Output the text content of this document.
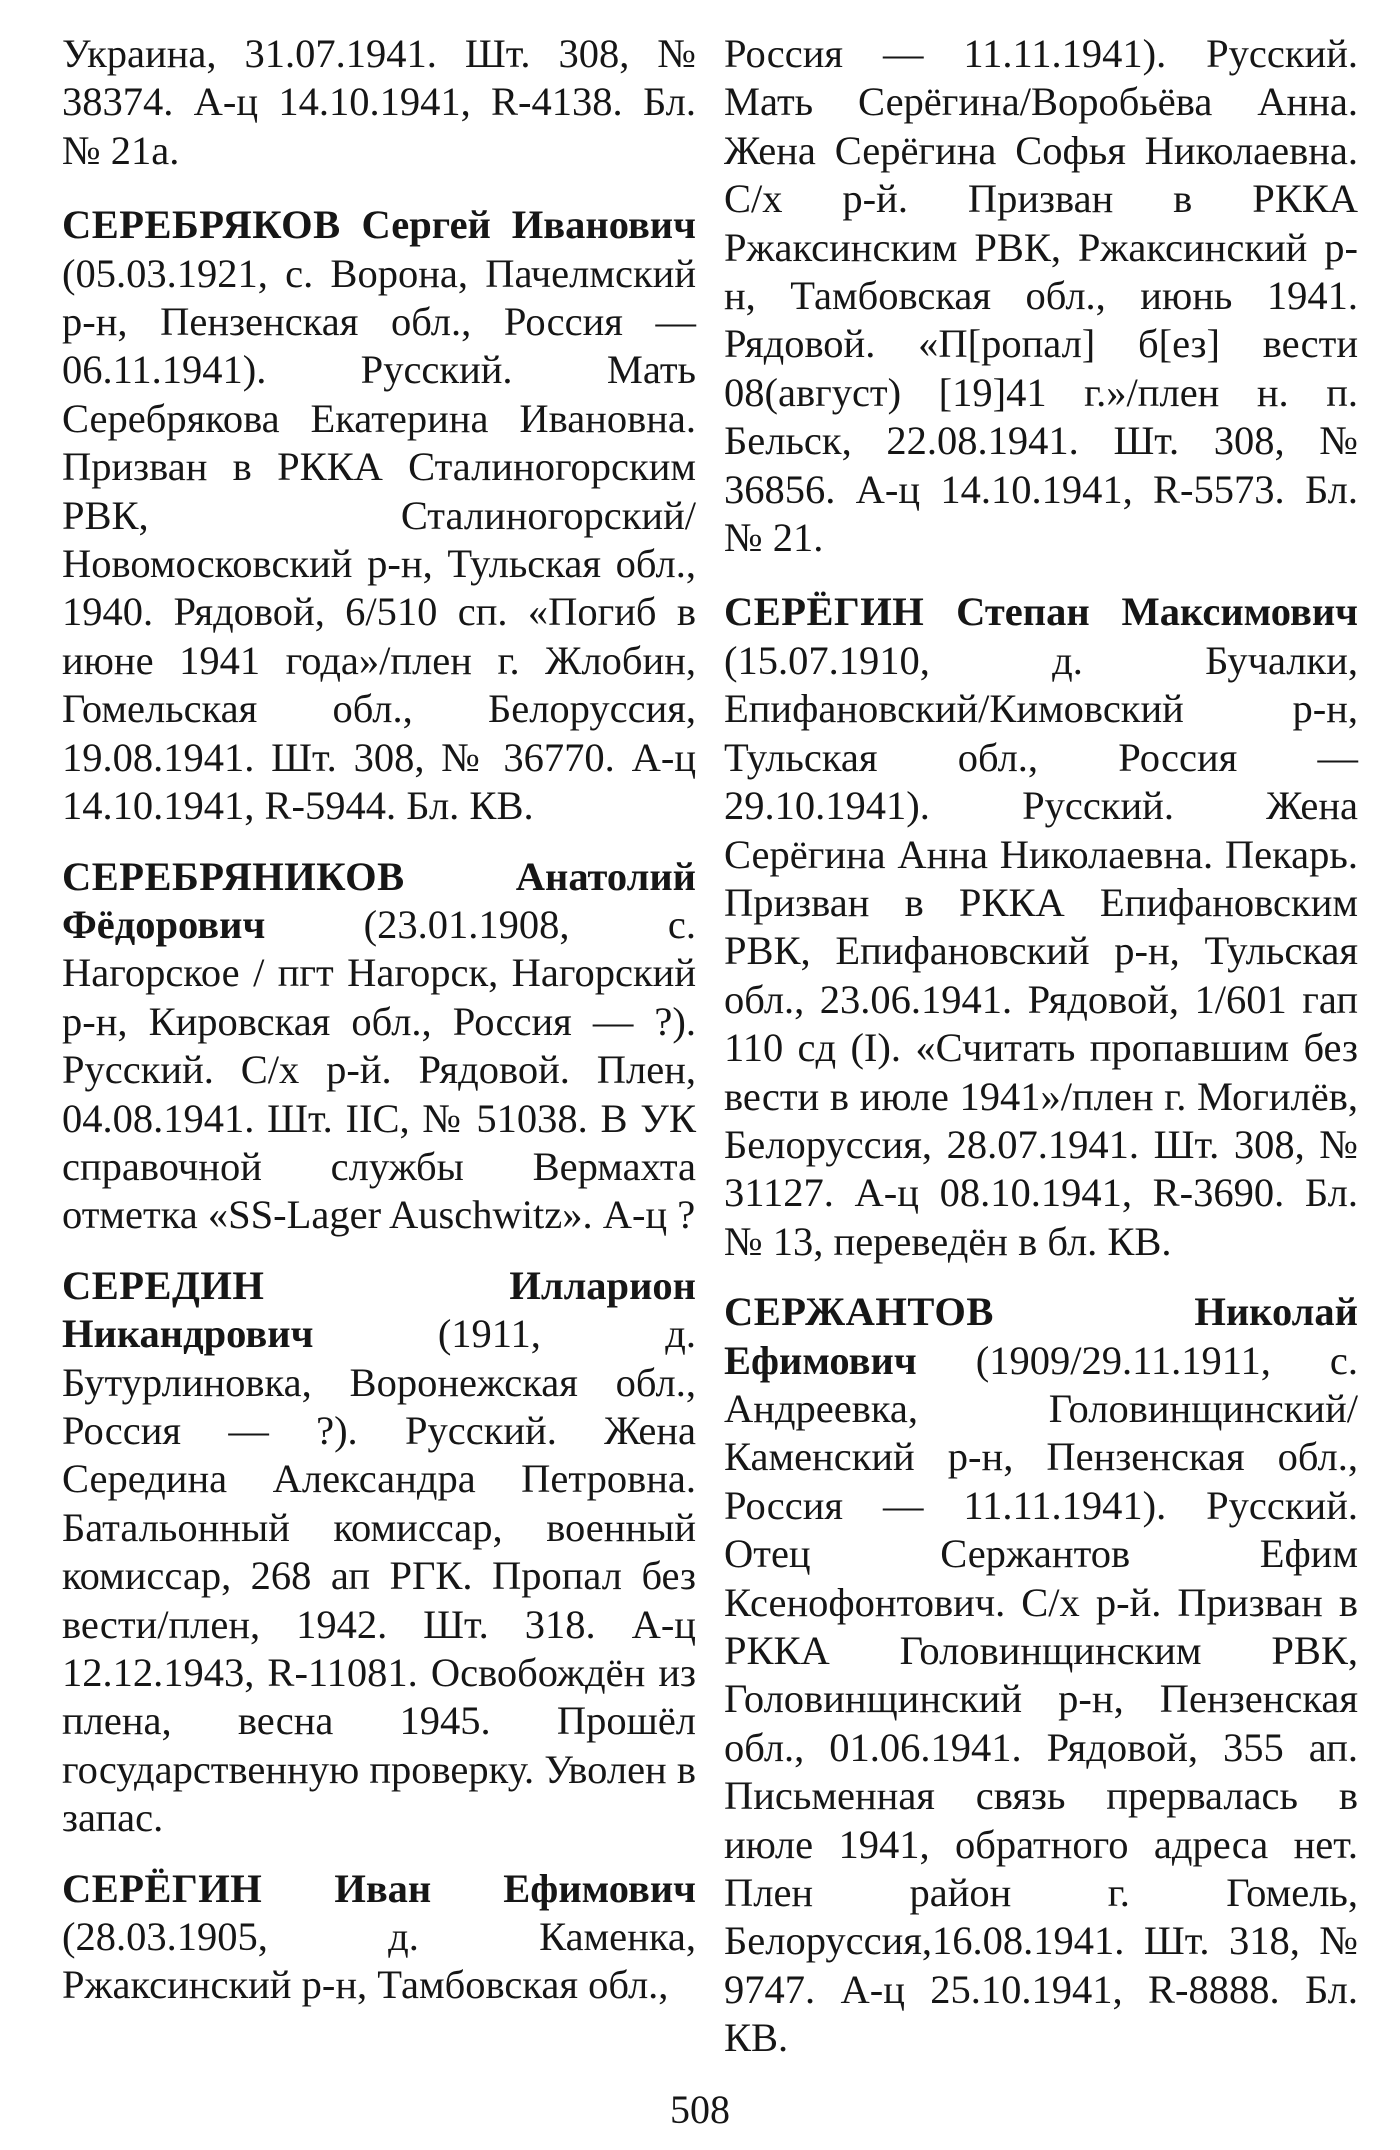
Украина, 31.07.1941. Шт. 308, № 38374. А-ц 14.10.1941, R-4138. Бл. № 21а.

СЕРЕБРЯКОВ Сергей Иванович (05.03.1921, с. Ворона, Пачелмский р-н, Пензенская обл., Россия — 06.11.1941). Русский. Мать Серебрякова Екатерина Ивановна. Призван в РККА Сталиногорским РВК, Сталиногорский/Новомосковский р-н, Тульская обл., 1940. Рядовой, 6/510 сп. «Погиб в июне 1941 года»/плен г. Жлобин, Гомельская обл., Белоруссия, 19.08.1941. Шт. 308, № 36770. А-ц 14.10.1941, R-5944. Бл. КВ.

СЕРЕБРЯНИКОВ	Анатолий Фёдорович (23.01.1908, с. Нагорское / пгт Нагорск, Нагорский р-н, Кировская обл., Россия — ?). Русский. С/х р-й. Рядовой. Плен, 04.08.1941. Шт. IIC, № 51038. В УК справочной службы Вермахта отметка «SS-Lager Auschwitz». А-ц ?

СЕРЕДИН	Илларион Никандрович	(1911, д. Бутурлиновка, Воронежская обл., Россия — ?). Русский. Жена Середина Александра Петровна. Батальонный комиссар, военный комиссар, 268 ап РГК. Пропал без вести/плен, 1942. Шт. 318. А-ц 12.12.1943, R-11081. Освобождён из плена, весна 1945. Прошёл государственную проверку. Уволен в запас.

СЕРЁГИН Иван Ефимович (28.03.1905, д. Каменка, Ржаксинский р-н, Тамбовская обл.,

Россия — 11.11.1941). Русский. Мать Серёгина/Воробьёва Анна. Жена Серёгина Софья Николаевна. С/х р-й. Призван в РККА Ржаксинским РВК, Ржаксинский р-н, Тамбовская обл., июнь 1941. Рядовой. «П[ропал] б[ез] вести 08(август) [19]41 г.»/плен н. п. Бельск, 22.08.1941. Шт. 308, № 36856. А-ц 14.10.1941, R-5573. Бл. № 21.

СЕРЁГИН Степан Максимович (15.07.1910, д. Бучалки, Епифановский/Кимовский р-н, Тульская обл., Россия — 29.10.1941). Русский. Жена Серёгина Анна Николаевна. Пекарь. Призван в РККА Епифановским РВК, Епифановский р-н, Тульская обл., 23.06.1941. Рядовой, 1/601 гап 110 сд (I). «Считать пропавшим без вести в июле 1941»/плен г. Могилёв, Белоруссия, 28.07.1941. Шт. 308, № 31127. А-ц 08.10.1941, R-3690. Бл. № 13, переведён в бл. КВ.

СЕРЖАНТОВ	Николай Ефимович (1909/29.11.1911, с. Андреевка, Головинщинский/ Каменский р-н, Пензенская обл., Россия — 11.11.1941). Русский. Отец Сержантов Ефим Ксенофонтович. С/х р-й. Призван в РККА Головинщинским РВК, Головинщинский р-н, Пензенская обл., 01.06.1941. Рядовой, 355 ап. Письменная связь прервалась в июле 1941, обратного адреса нет. Плен район г. Гомель, Белоруссия,16.08.1941. Шт. 318, № 9747. А-ц 25.10.1941, R-8888. Бл. КВ.

508
